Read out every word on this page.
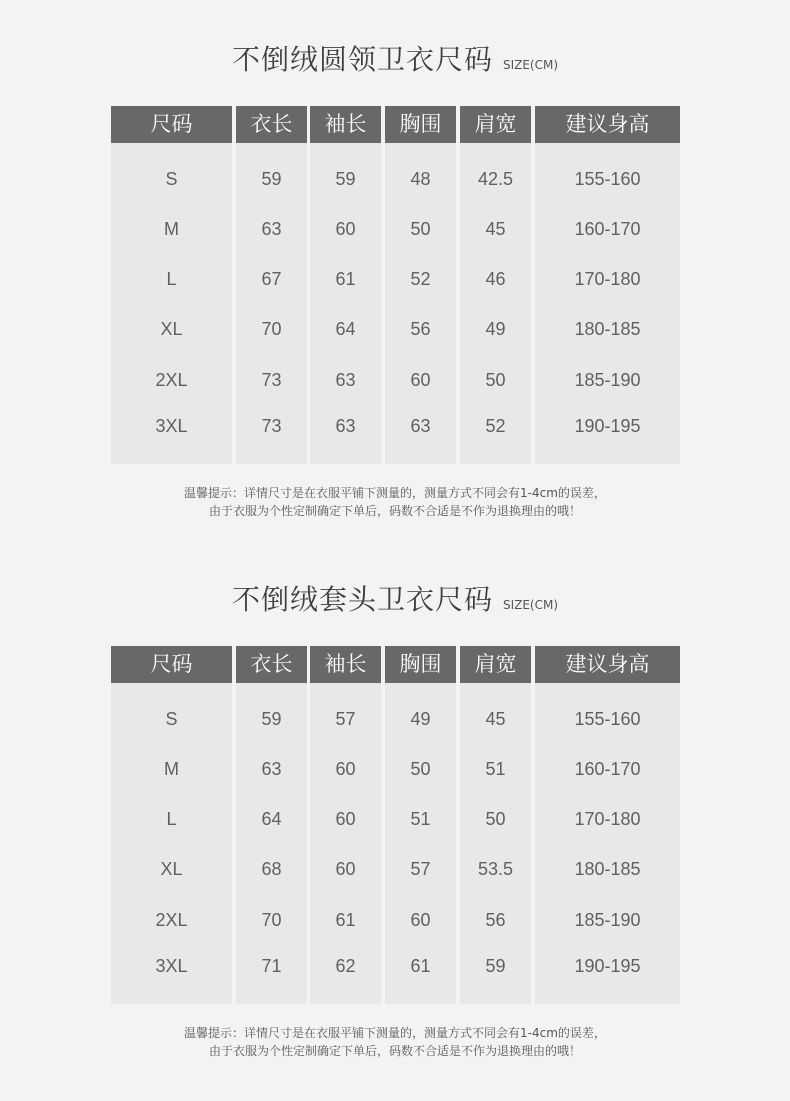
不倒绒圆领卫衣尺码 SIZE(CM)
尺码
S
M
L
XL
2XL
3XL
衣长
59
63
67
70
73
73
袖长
59
60
61
64
63
63
胸围
48
50
52
56
60
63
肩宽
42.5
45
46
49
50
52
建议身高
155-160
160-170
170-180
180-185
185-190
190-195
温馨提示：详情尺寸是在衣服平铺下测量的，测量方式不同会有1-4cm的误差，
由于衣服为个性定制确定下单后，码数不合适是不作为退换理由的哦！
不倒绒套头卫衣尺码 SIZE(CM)
尺码
S
M
L
XL
2XL
3XL
衣长
59
63
64
68
70
71
袖长
57
60
60
60
61
62
胸围
49
50
51
57
60
61
肩宽
45
51
50
53.5
56
59
建议身高
155-160
160-170
170-180
180-185
185-190
190-195
温馨提示：详情尺寸是在衣服平铺下测量的，测量方式不同会有1-4cm的误差，
由于衣服为个性定制确定下单后，码数不合适是不作为退换理由的哦！
